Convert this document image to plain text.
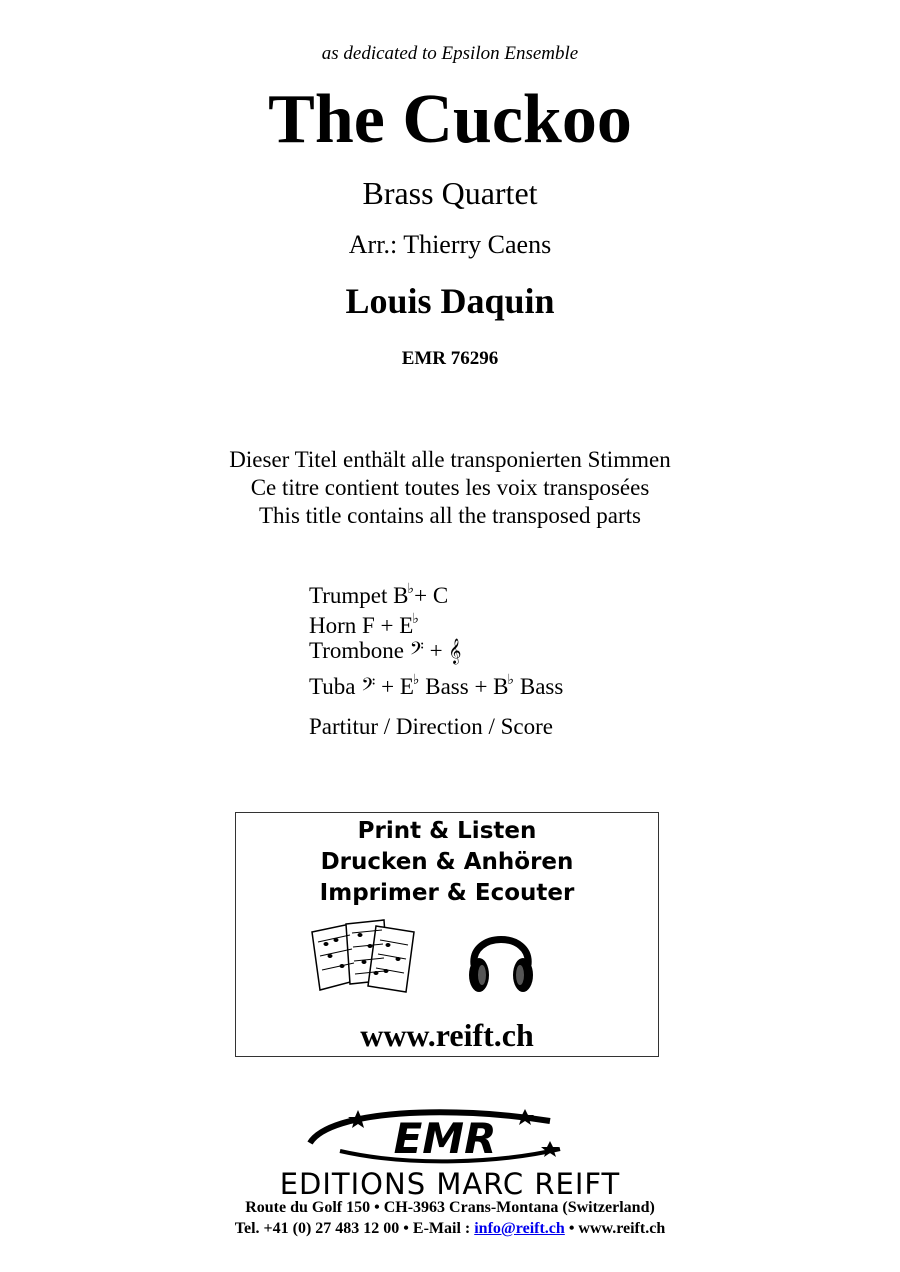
as dedicated to Epsilon Ensemble
The Cuckoo
Brass Quartet
Arr.: Thierry Caens
Louis Daquin
EMR 76296
Dieser Titel enthält alle transponierten Stimmen
Ce titre contient toutes les voix transposées
This title contains all the transposed parts
Trumpet B♭+ C
Horn F + E♭
Trombone 𝄢 + 𝄞
Tuba 𝄢 + E♭ Bass + B♭ Bass
Partitur / Direction / Score
Print & Listen
Drucken & Anhören
Imprimer & Ecouter
www.reift.ch
EMR
EDITIONS MARC REIFT
Route du Golf 150 • CH-3963 Crans-Montana (Switzerland)
Tel. +41 (0) 27 483 12 00 • E-Mail : info@reift.ch • www.reift.ch
